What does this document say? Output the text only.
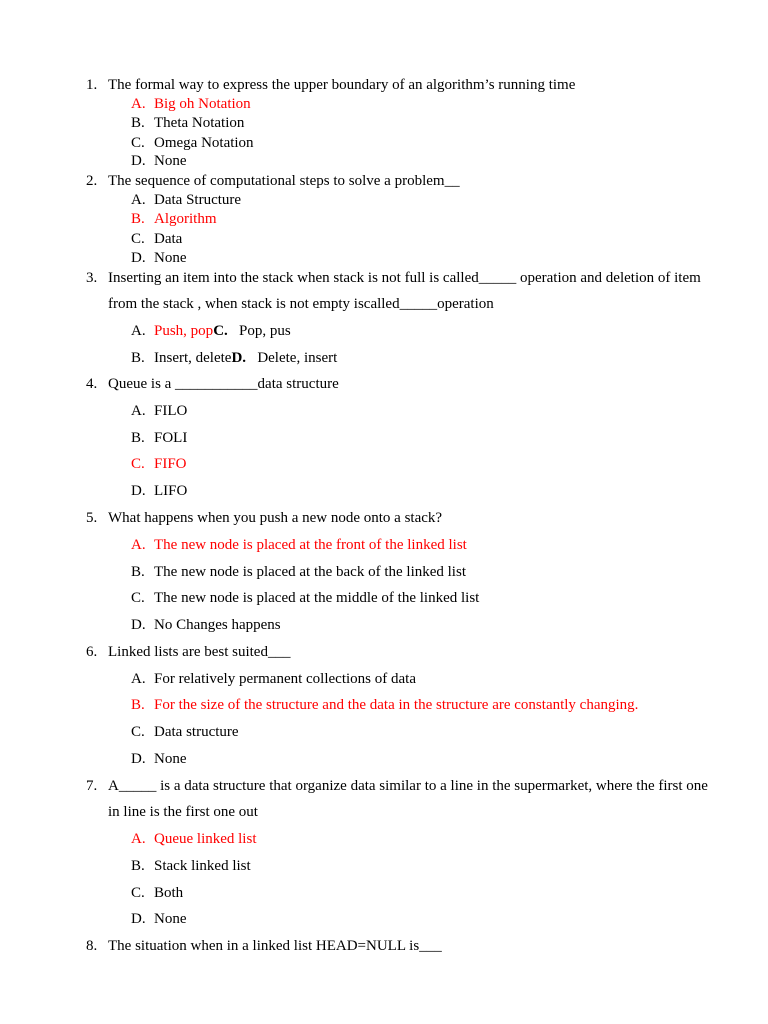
1. The formal way to express the upper boundary of an algorithm’s running time
A. Big oh Notation
B. Theta Notation
C. Omega Notation
D. None
2. The sequence of computational steps to solve a problem__
A. Data Structure
B. Algorithm
C. Data
D. None
3. Inserting an item into the stack when stack is not full is called_____ operation and deletion of item
from the stack , when stack is not empty iscalled_____operation
A. Push, popC. Pop, pus
B. Insert, deleteD. Delete, insert
4. Queue is a ___________data structure
A. FILO
B. FOLI
C. FIFO
D. LIFO
5. What happens when you push a new node onto a stack?
A. The new node is placed at the front of the linked list
B. The new node is placed at the back of the linked list
C. The new node is placed at the middle of the linked list
D. No Changes happens
6. Linked lists are best suited___
A. For relatively permanent collections of data
B. For the size of the structure and the data in the structure are constantly changing.
C. Data structure
D. None
7. A_____ is a data structure that organize data similar to a line in the supermarket, where the first one
in line is the first one out
A. Queue linked list
B. Stack linked list
C. Both
D. None
8. The situation when in a linked list HEAD=NULL is___
